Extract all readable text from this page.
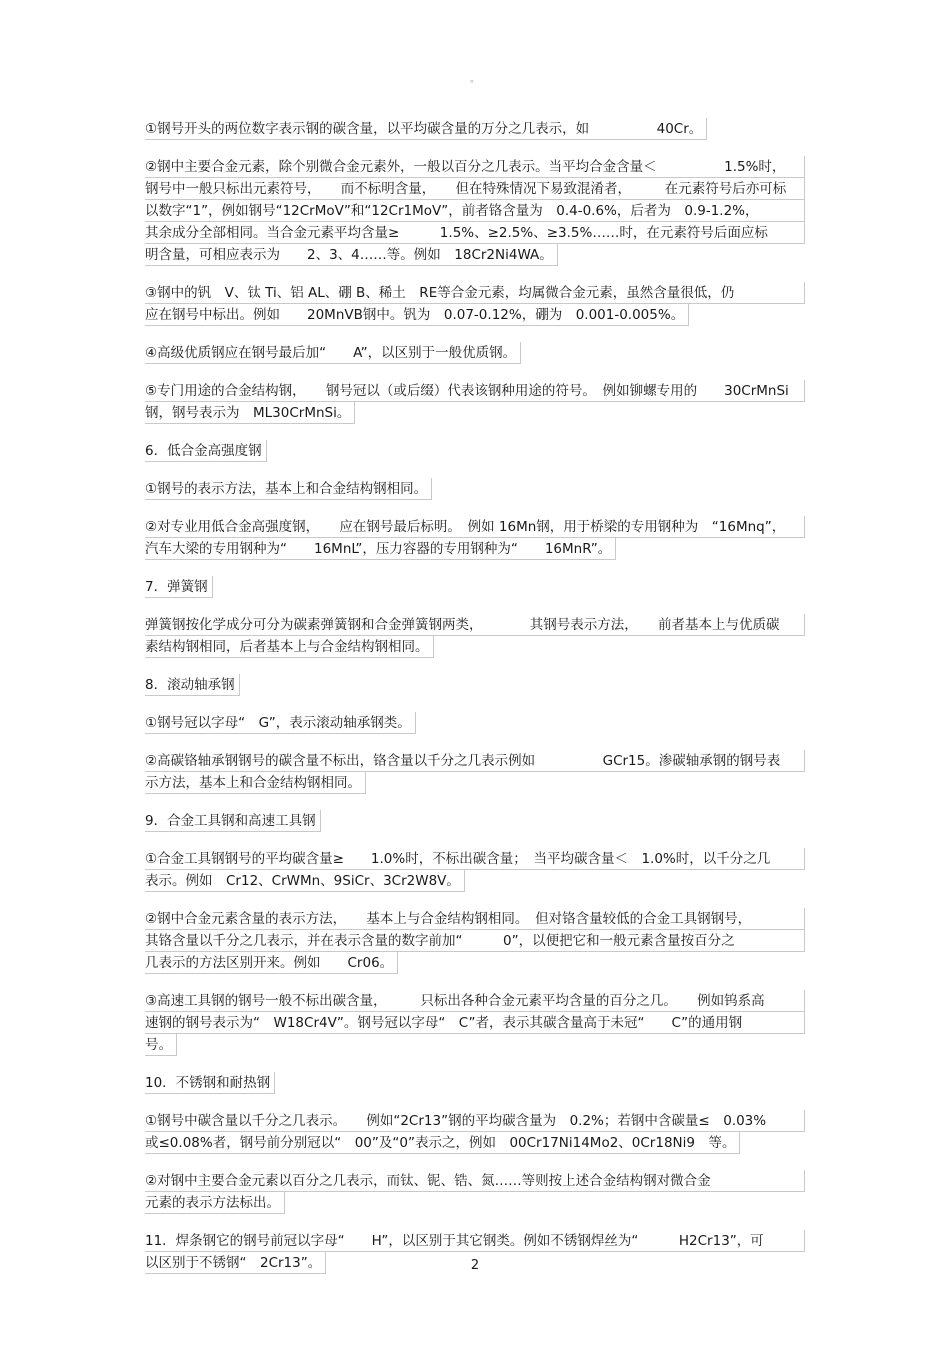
。
①钢号开头的两位数字表示钢的碳含量，以平均碳含量的万分之几表示，如　　　　　40Cr。
②钢中主要合金元素，除个别微合金元素外，一般以百分之几表示。当平均合金含量＜　　　　　1.5%时，
钢号中一般只标出元素符号，　　而不标明含量，　　但在特殊情况下易致混淆者，　　　在元素符号后亦可标
以数字“1”，例如钢号“12CrMoV”和“12Cr1MoV”，前者铬含量为　0.4-0.6%，后者为　0.9-1.2%，
其余成分全部相同。当合金元素平均含量≥　　　1.5%、≥2.5%、≥3.5%……时，在元素符号后面应标
明含量，可相应表示为　　2、3、4……等。例如　18Cr2Ni4WA。
③钢中的钒　V、钛 Ti、铝 AL、硼 B、稀土　RE等合金元素，均属微合金元素，虽然含量很低，仍
应在钢号中标出。例如　　20MnVB钢中。钒为　0.07-0.12%，硼为　0.001-0.005%。
④高级优质钢应在钢号最后加“　　A”，以区别于一般优质钢。
⑤专门用途的合金结构钢，　　钢号冠以（或后缀）代表该钢种用途的符号。　例如铆螺专用的　　30CrMnSi
钢，钢号表示为　ML30CrMnSi。
6．低合金高强度钢
①钢号的表示方法，基本上和合金结构钢相同。
②对专业用低合金高强度钢，　　应在钢号最后标明。　例如 16Mn钢，用于桥梁的专用钢种为　“16Mnq”，
汽车大梁的专用钢种为“　　16MnL”，压力容器的专用钢种为“　　16MnR”。
7．弹簧钢
弹簧钢按化学成分可分为碳素弹簧钢和合金弹簧钢两类，　　　　其钢号表示方法，　　前者基本上与优质碳
素结构钢相同，后者基本上与合金结构钢相同。
8．滚动轴承钢
①钢号冠以字母“　G”，表示滚动轴承钢类。
②高碳铬轴承钢钢号的碳含量不标出，铬含量以千分之几表示例如　　　　　GCr15。渗碳轴承钢的钢号表
示方法，基本上和合金结构钢相同。
9．合金工具钢和高速工具钢
①合金工具钢钢号的平均碳含量≥　　1.0%时，不标出碳含量；　当平均碳含量＜　1.0%时，以千分之几
表示。例如　Cr12、CrWMn、9SiCr、3Cr2W8V。
②钢中合金元素含量的表示方法，　　基本上与合金结构钢相同。　但对铬含量较低的合金工具钢钢号，
其铬含量以千分之几表示，并在表示含量的数字前加“　　　0”，以便把它和一般元素含量按百分之
几表示的方法区别开来。例如　　Cr06。
③高速工具钢的钢号一般不标出碳含量，　　　只标出各种合金元素平均含量的百分之几。　　例如钨系高
速钢的钢号表示为“　W18Cr4V”。钢号冠以字母“　C”者，表示其碳含量高于未冠“　　C”的通用钢
号。
10．不锈钢和耐热钢
①钢号中碳含量以千分之几表示。　　例如“2Cr13”钢的平均碳含量为　0.2%；若钢中含碳量≤　0.03%
或≤0.08%者，钢号前分别冠以“　00”及“0”表示之，例如　00Cr17Ni14Mo2、0Cr18Ni9　等。
②对钢中主要合金元素以百分之几表示，而钛、铌、锆、氮……等则按上述合金结构钢对微合金
元素的表示方法标出。
11．焊条钢它的钢号前冠以字母“　　H”，以区别于其它钢类。例如不锈钢焊丝为“　　　H2Cr13”，可
以区别于不锈钢“　2Cr13”。	2
